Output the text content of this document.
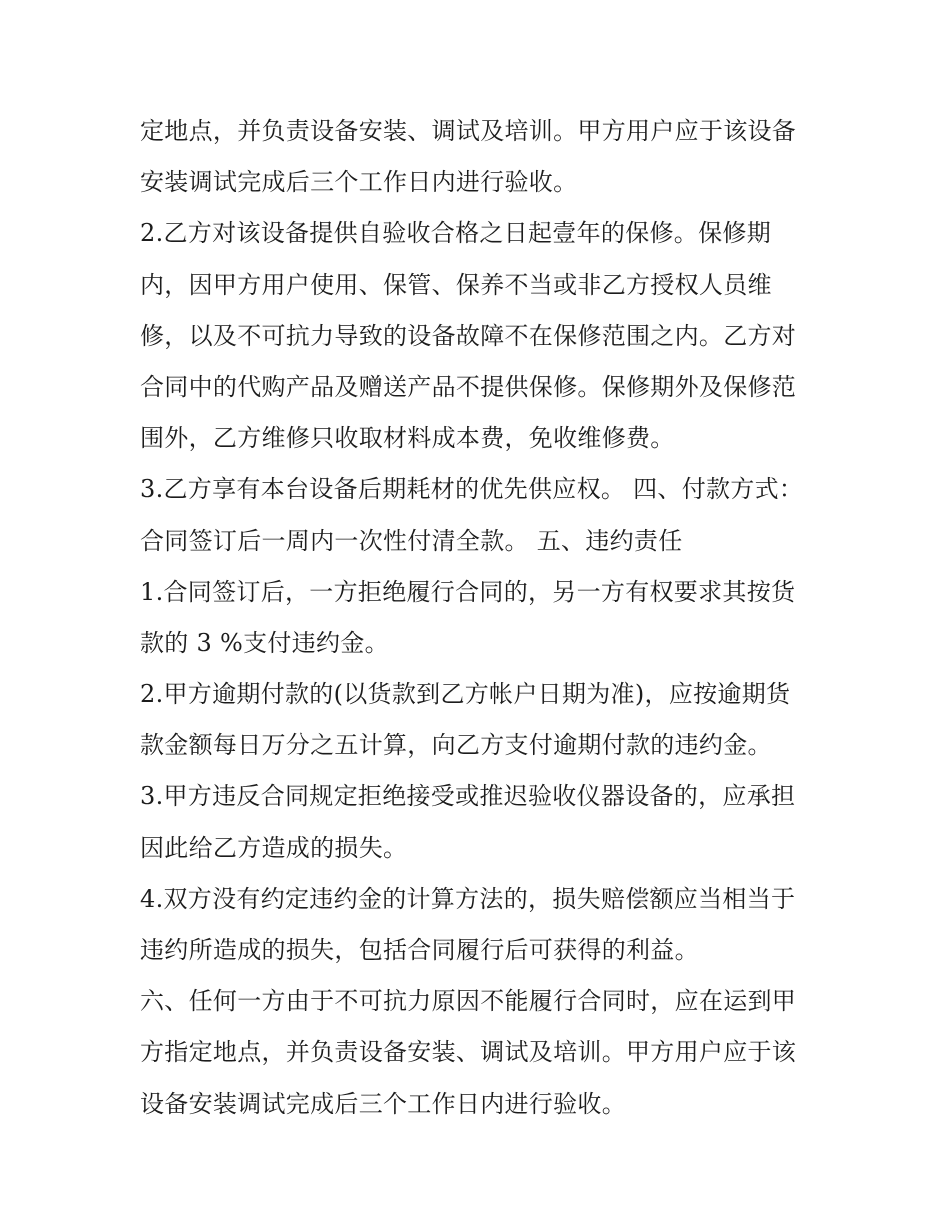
定地点，并负责设备安装、调试及培训。甲方用户应于该设备
安装调试完成后三个工作日内进行验收。
2.乙方对该设备提供自验收合格之日起壹年的保修。保修期
内，因甲方用户使用、保管、保养不当或非乙方授权人员维
修，以及不可抗力导致的设备故障不在保修范围之内。乙方对
合同中的代购产品及赠送产品不提供保修。保修期外及保修范
围外，乙方维修只收取材料成本费，免收维修费。
3.乙方享有本台设备后期耗材的优先供应权。 四、付款方式：
合同签订后一周内一次性付清全款。 五、违约责任
1.合同签订后，一方拒绝履行合同的，另一方有权要求其按货
款的 3 %支付违约金。
2.甲方逾期付款的(以货款到乙方帐户日期为准)，应按逾期货
款金额每日万分之五计算，向乙方支付逾期付款的违约金。
3.甲方违反合同规定拒绝接受或推迟验收仪器设备的，应承担
因此给乙方造成的损失。
4.双方没有约定违约金的计算方法的，损失赔偿额应当相当于
违约所造成的损失，包括合同履行后可获得的利益。
六、任何一方由于不可抗力原因不能履行合同时，应在运到甲
方指定地点，并负责设备安装、调试及培训。甲方用户应于该
设备安装调试完成后三个工作日内进行验收。
